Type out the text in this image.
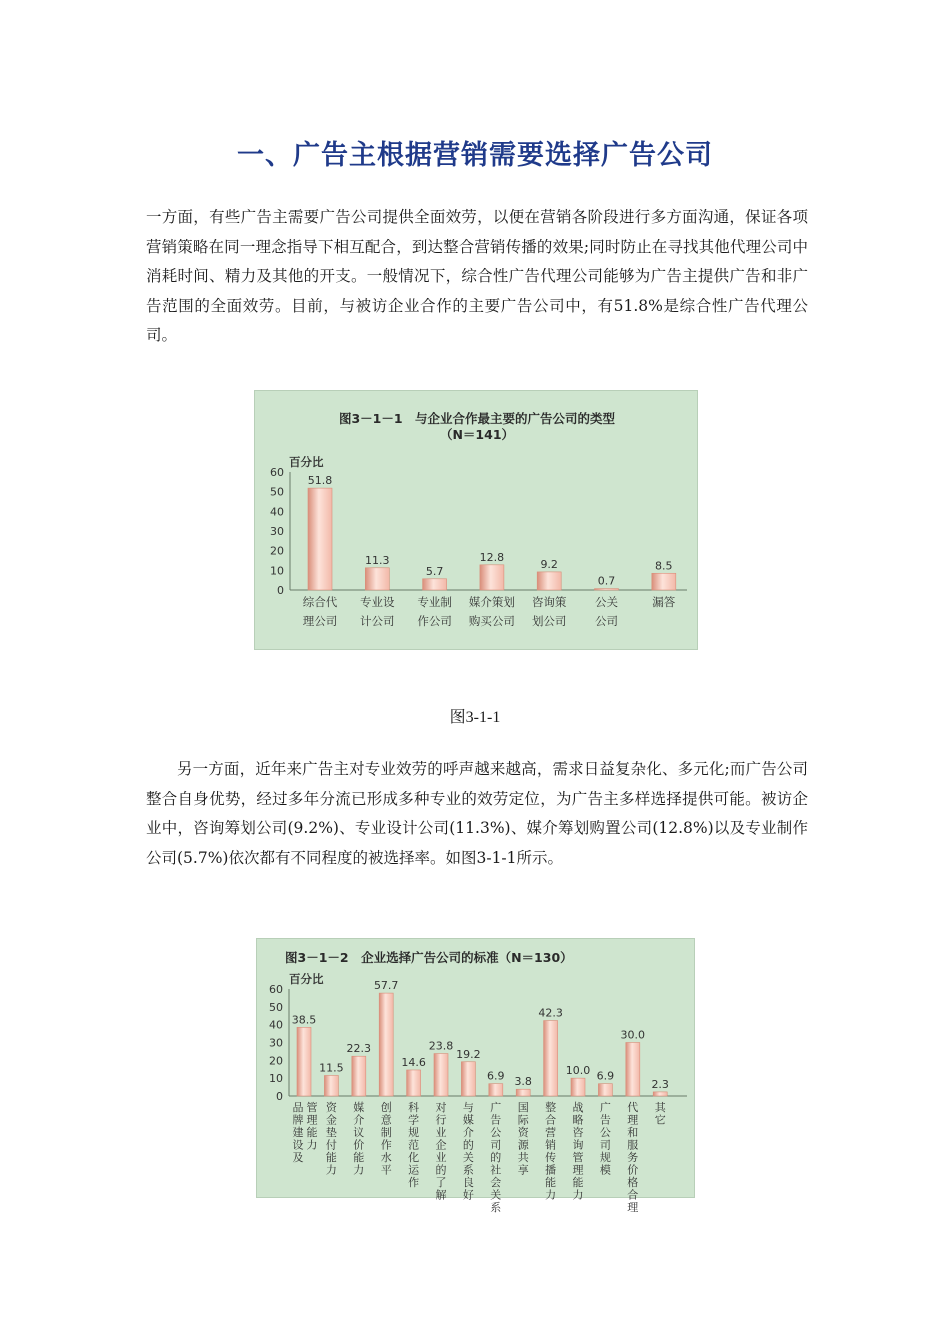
一、广告主根据营销需要选择广告公司

一方面，有些广告主需要广告公司提供全面效劳，以便在营销各阶段进行多方面沟通，保证各项营销策略在同一理念指导下相互配合，到达整合营销传播的效果;同时防止在寻找其他代理公司中消耗时间、精力及其他的开支。一般情况下，综合性广告代理公司能够为广告主提供广告和非广告范围的全面效劳。目前，与被访企业合作的主要广告公司中，有51.8%是综合性广告代理公司。

图3－1－1　与企业合作最主要的广告公司的类型
（N＝141）
百分比
0
10
20
30
40
50
60
51.8
11.3
5.7
12.8
9.2
0.7
8.5
综合代
理公司
专业设
计公司
专业制
作公司
媒介策划
购买公司
咨询策
划公司
公关
公司
漏答
图3-1-1

另一方面，近年来广告主对专业效劳的呼声越来越高，需求日益复杂化、多元化;而广告公司整合自身优势，经过多年分流已形成多种专业的效劳定位，为广告主多样选择提供可能。被访企业中，咨询筹划公司(9.2%)、专业设计公司(11.3%)、媒介筹划购置公司(12.8%)以及专业制作公司(5.7%)依次都有不同程度的被选择率。如图3-1-1所示。

图3－1－2　企业选择广告公司的标准（N＝130）
百分比
0
10
20
30
40
50
60
38.5
11.5
22.3
57.7
14.6
23.8
19.2
6.9 3.8
42.3
10.0 6.9
30.0
2.3
品牌建设及
管理能力
资金垫付能力
媒介议价能力
创意制作水平
科学规范化运作
对行业企业的了解
与媒介的关系良好
广告公司的社会关系
国际资源共享
整合营销传播能力
战略咨询管理能力
广告公司规模
代理和服务价格合理
其它
